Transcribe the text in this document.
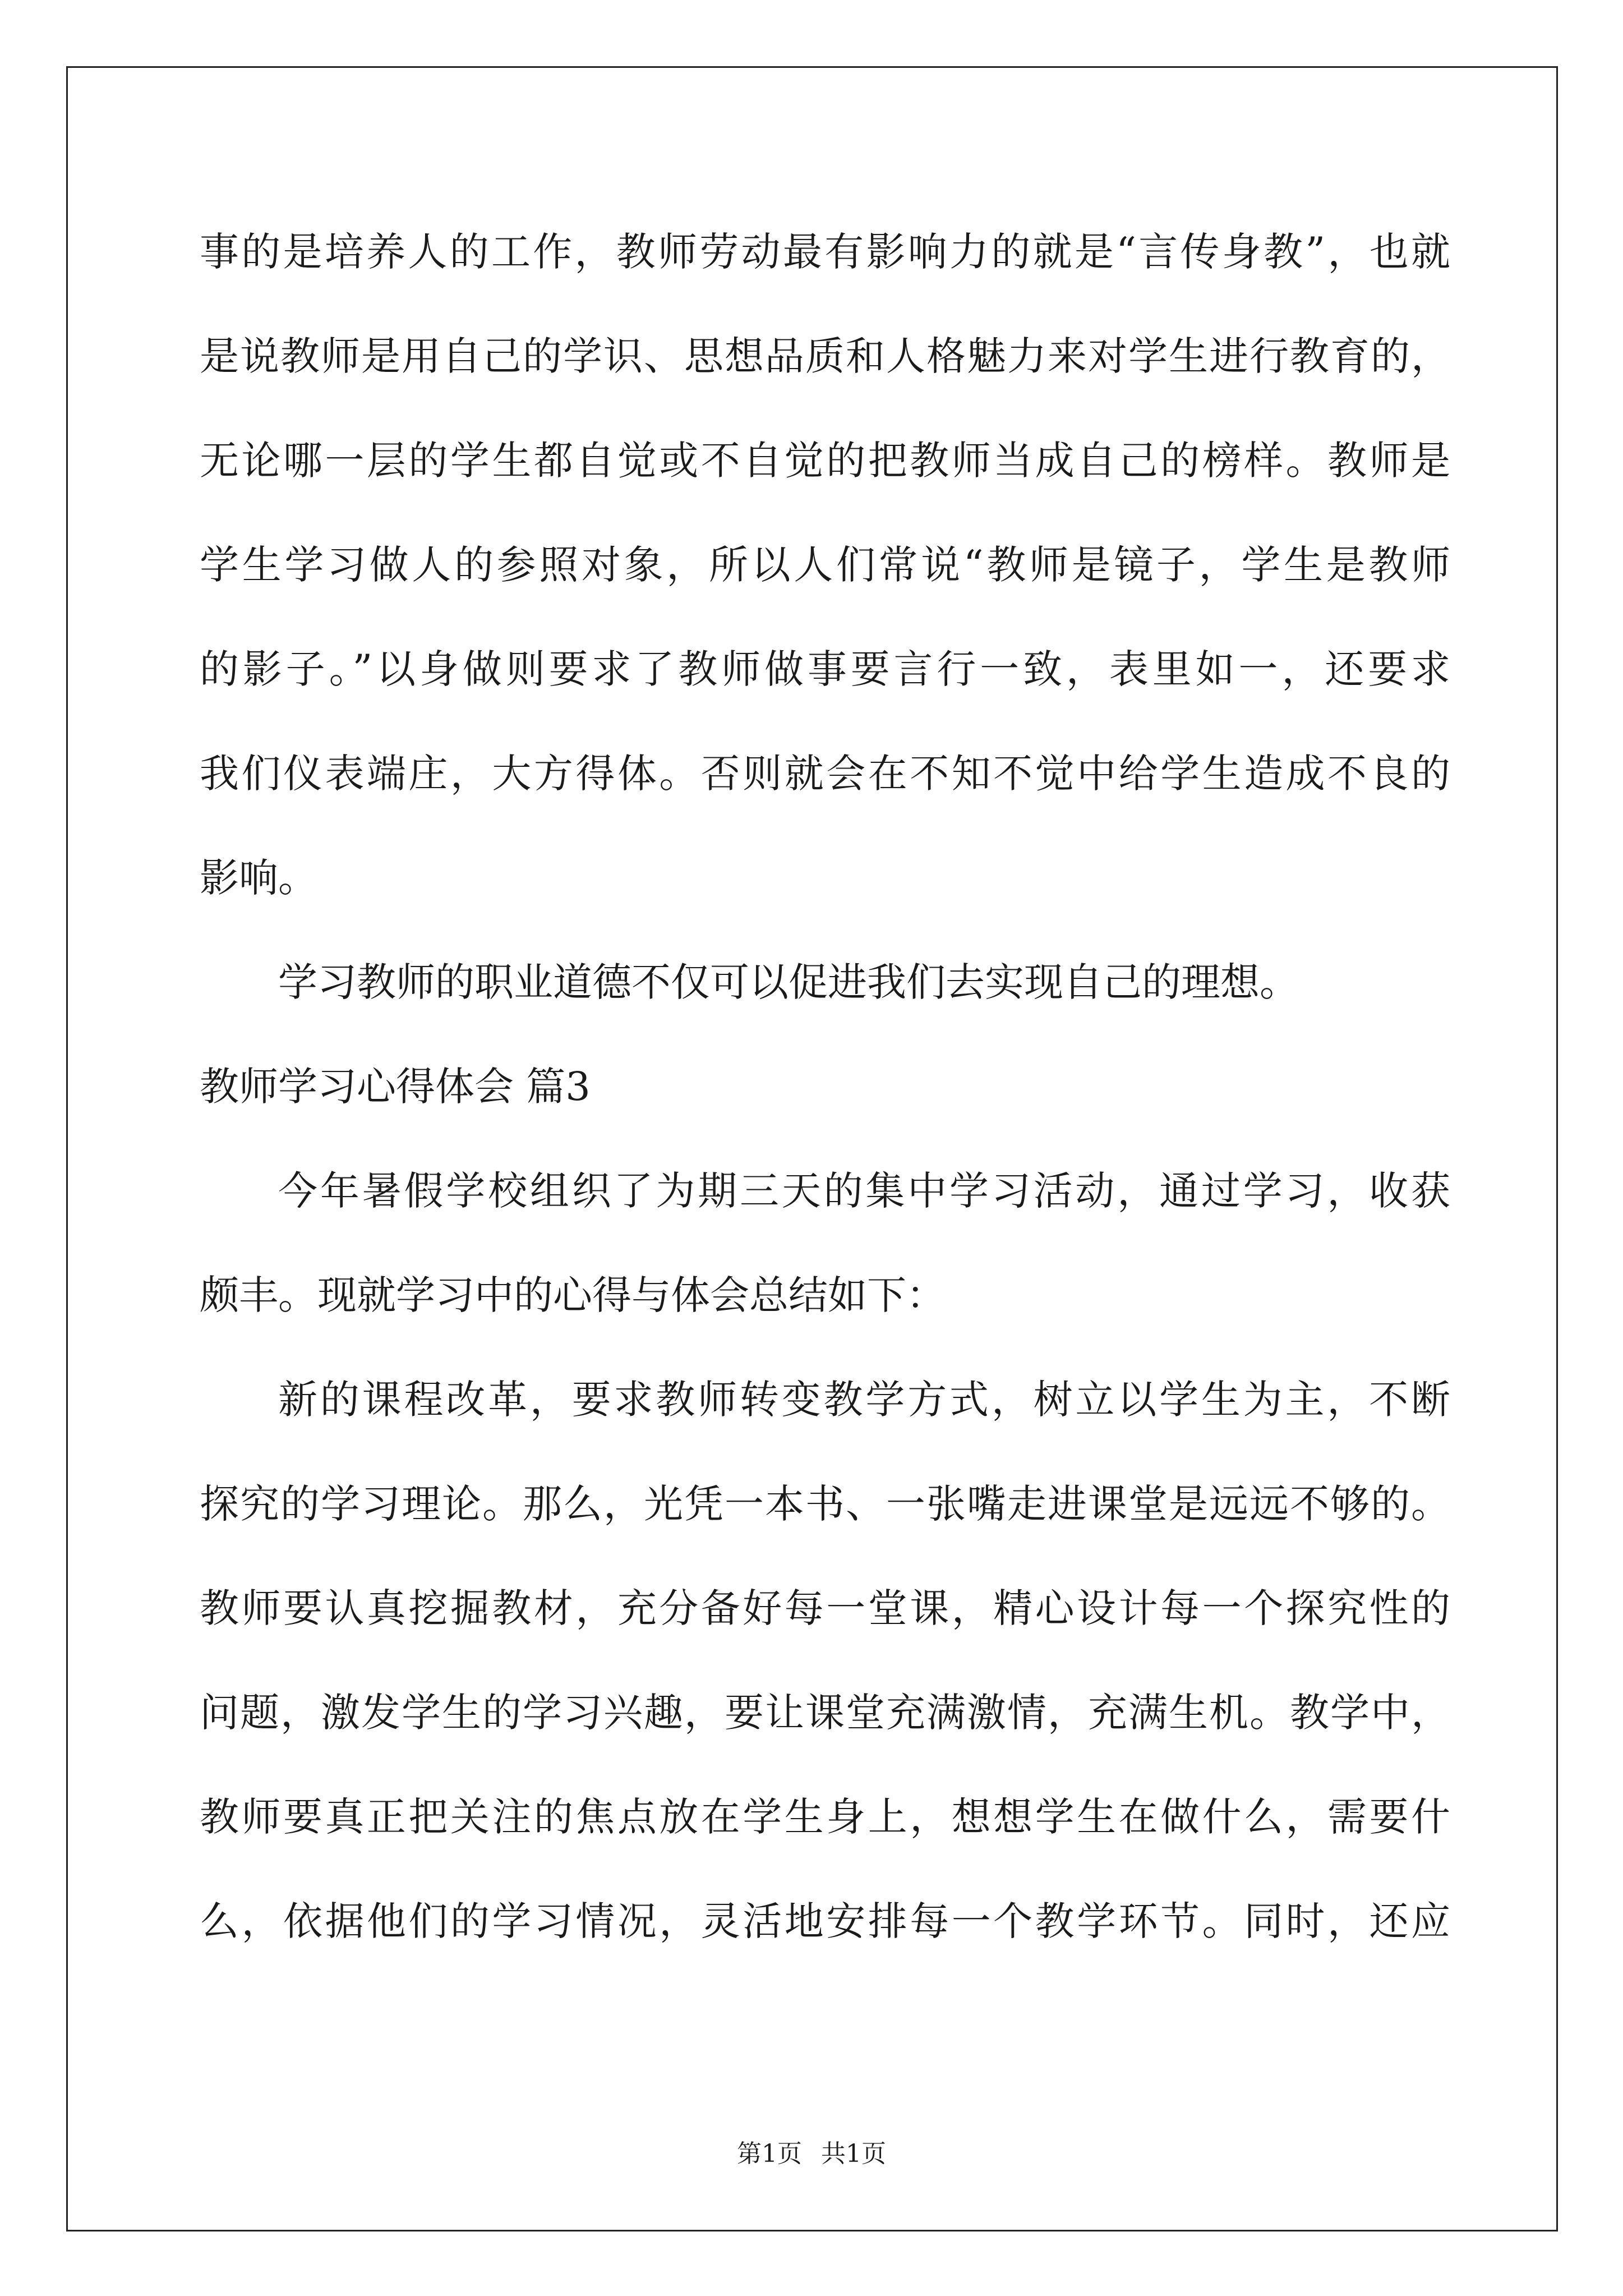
事的是培养人的工作，教师劳动最有影响力的就是“言传身教”，也就
是说教师是用自己的学识、思想品质和人格魅力来对学生进行教育的，
无论哪一层的学生都自觉或不自觉的把教师当成自己的榜样。教师是
学生学习做人的参照对象，所以人们常说“教师是镜子，学生是教师
的影子。”以身做则要求了教师做事要言行一致，表里如一，还要求
我们仪表端庄，大方得体。否则就会在不知不觉中给学生造成不良的
影响。
学习教师的职业道德不仅可以促进我们去实现自己的理想。
教师学习心得体会 篇3
今年暑假学校组织了为期三天的集中学习活动，通过学习，收获
颇丰。现就学习中的心得与体会总结如下：
新的课程改革，要求教师转变教学方式，树立以学生为主，不断
探究的学习理论。那么，光凭一本书、一张嘴走进课堂是远远不够的。
教师要认真挖掘教材，充分备好每一堂课，精心设计每一个探究性的
问题，激发学生的学习兴趣，要让课堂充满激情，充满生机。教学中，
教师要真正把关注的焦点放在学生身上，想想学生在做什么，需要什
么，依据他们的学习情况，灵活地安排每一个教学环节。同时，还应
第1页 共1页
